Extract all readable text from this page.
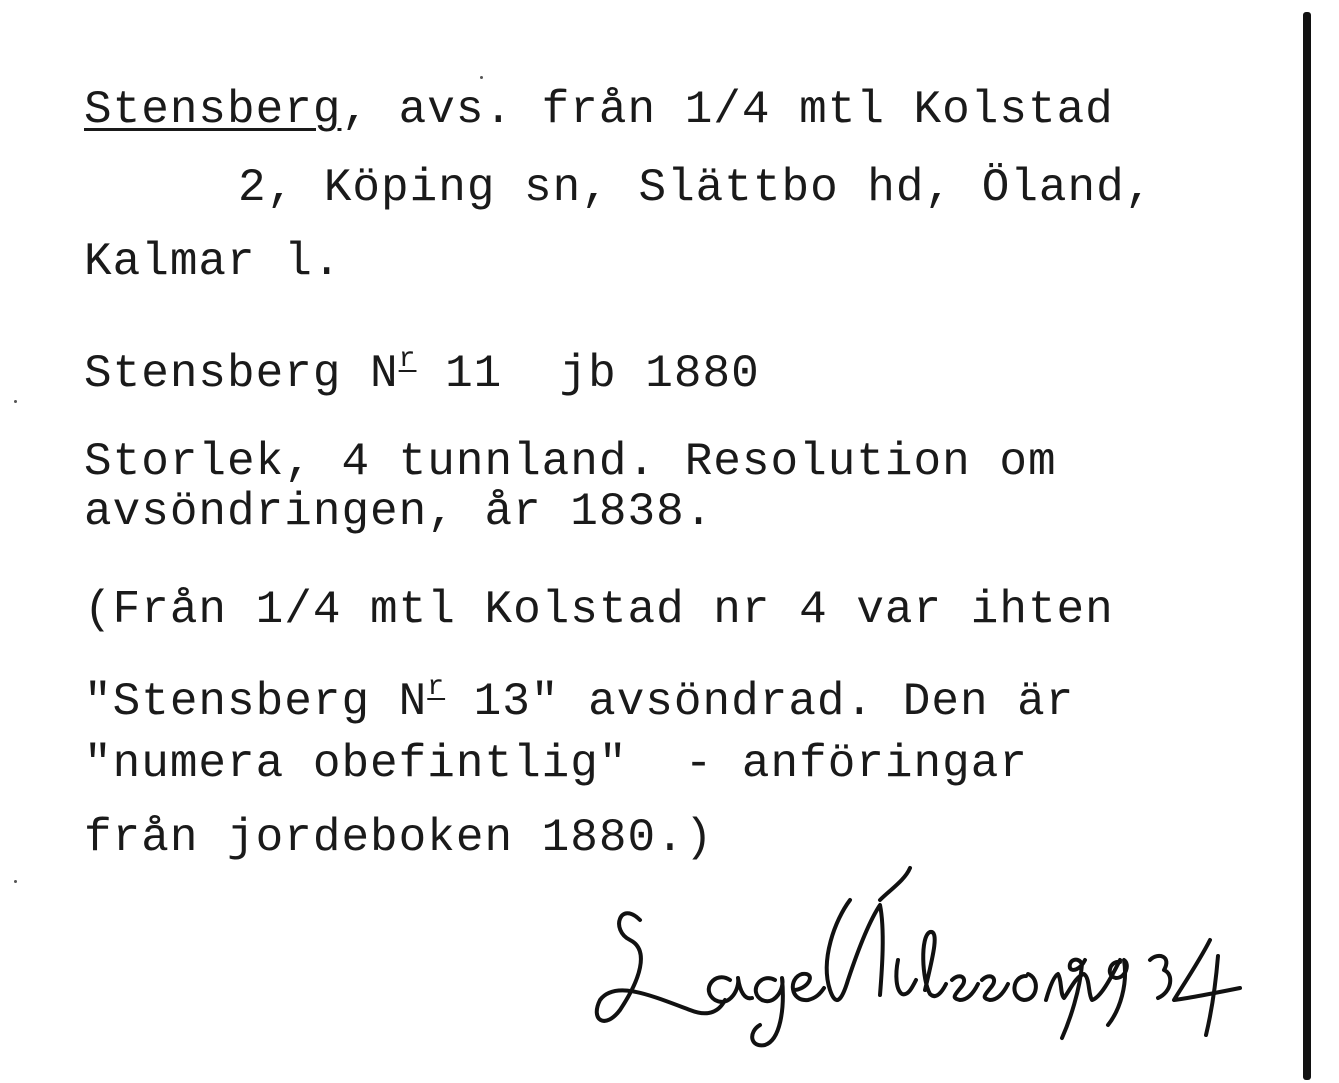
Stensberg, avs. från 1/4 mtl Kolstad
2, Köping sn, Slättbo hd, Öland,
Kalmar l.
Stensberg $N^r$ 11  jb 1880
Storlek, 4 tunnland. Resolution om
avsöndringen, år 1838.
(Från 1/4 mtl Kolstad nr 4 var ihten
"Stensberg $N^r$ 13" avsöndrad. Den är
"numera obefintlig"  - anföringar
från jordeboken 1880.)
